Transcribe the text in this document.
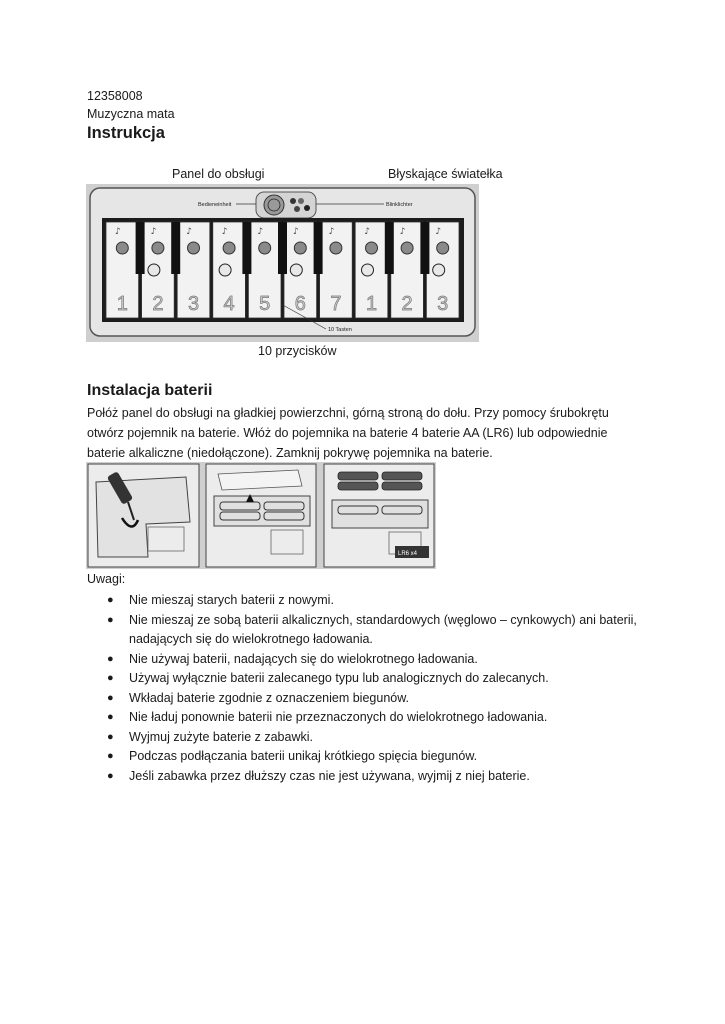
12358008
Muzyczna mata
Instrukcja
Panel do obsługi	Błyskające światełka
Bedieneinheit	Blinklichter
♪
1
♪
2
♪
3
♪
4
♪
5
♪
6
♪
7
♪
1
♪
2
♪
3
10 Tasten
10 przycisków
Instalacja baterii
Połóż panel do obsługi na gładkiej powierzchni, górną stroną do dołu. Przy pomocy śrubokrętu
otwórz pojemnik na baterie. Włóż do pojemnika na baterie 4 baterie AA (LR6) lub odpowiednie
baterie alkaliczne (niedołączone). Zamknij pokrywę pojemnika na baterie.
LR6 x4
Uwagi:
● Nie mieszaj starych baterii z nowymi.
● Nie mieszaj ze sobą baterii alkalicznych, standardowych (węglowo – cynkowych) ani baterii,
nadających się do wielokrotnego ładowania.
● Nie używaj baterii, nadających się do wielokrotnego ładowania.
● Używaj wyłącznie baterii zalecanego typu lub analogicznych do zalecanych.
● Wkładaj baterie zgodnie z oznaczeniem biegunów.
● Nie ładuj ponownie baterii nie przeznaczonych do wielokrotnego ładowania.
● Wyjmuj zużyte baterie z zabawki.
● Podczas podłączania baterii unikaj krótkiego spięcia biegunów.
● Jeśli zabawka przez dłuższy czas nie jest używana, wyjmij z niej baterie.
